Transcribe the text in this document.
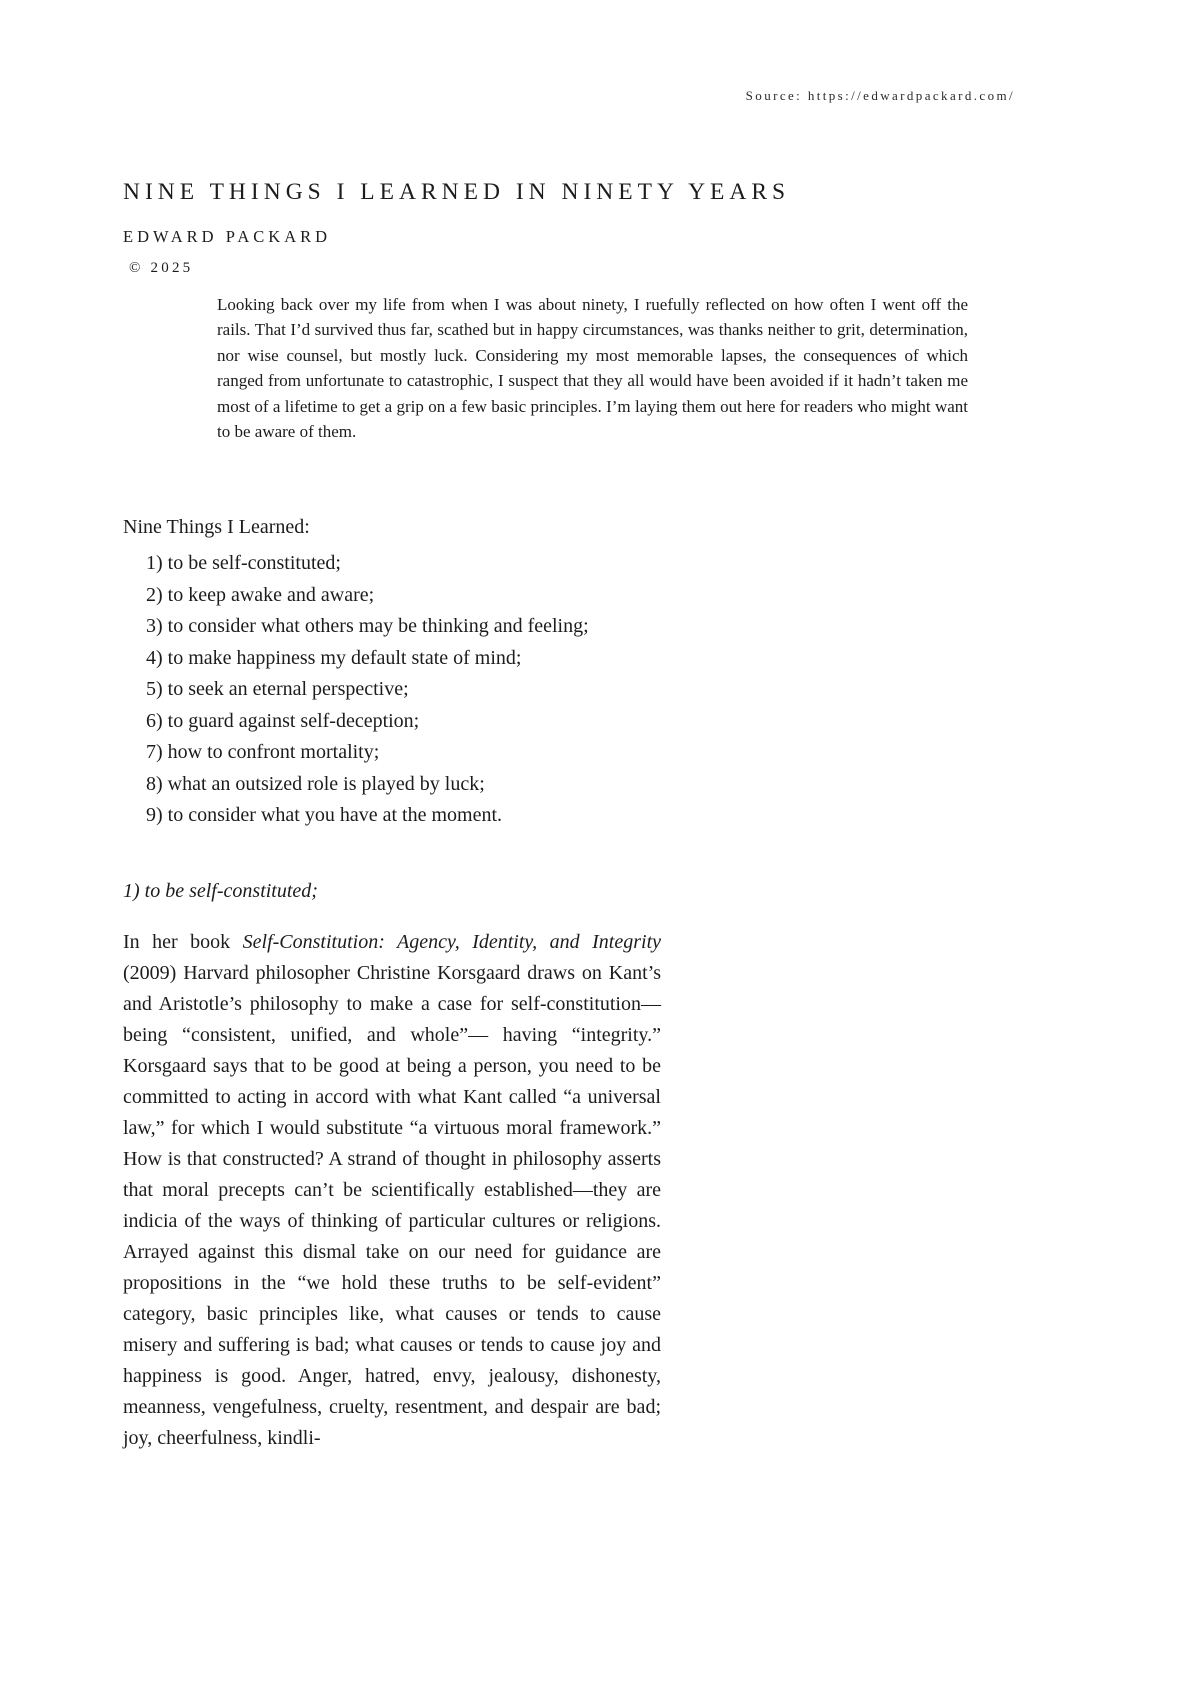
Source: https://edwardpackard.com/
NINE THINGS I LEARNED IN NINETY YEARS
EDWARD PACKARD
© 2025
Looking back over my life from when I was about ninety, I ruefully reflected on how often I went off the rails. That I’d survived thus far, scathed but in happy circumstances, was thanks neither to grit, determination, nor wise counsel, but mostly luck. Considering my most memorable lapses, the consequences of which ranged from unfortunate to catastrophic, I suspect that they all would have been avoided if it hadn’t taken me most of a lifetime to get a grip on a few basic principles. I’m laying them out here for readers who might want to be aware of them.
Nine Things I Learned:
1) to be self-constituted;
2) to keep awake and aware;
3) to consider what others may be thinking and feeling;
4) to make happiness my default state of mind;
5) to seek an eternal perspective;
6) to guard against self-deception;
7) how to confront mortality;
8) what an outsized role is played by luck;
9) to consider what you have at the moment.
1) to be self-constituted;
In her book Self-Constitution: Agency, Identity, and Integrity (2009) Harvard philosopher Christine Korsgaard draws on Kant’s and Aristotle’s philosophy to make a case for self-constitution—being “consistent, unified, and whole”— having “integrity.” Korsgaard says that to be good at being a person, you need to be committed to acting in accord with what Kant called “a universal law,” for which I would substitute “a virtuous moral framework.” How is that constructed? A strand of thought in philosophy asserts that moral precepts can’t be scientifically established—they are indicia of the ways of thinking of particular cultures or religions. Arrayed against this dismal take on our need for guidance are propositions in the “we hold these truths to be self-evident” category, basic principles like, what causes or tends to cause misery and suffering is bad; what causes or tends to cause joy and happiness is good. Anger, hatred, envy, jealousy, dishonesty, meanness, vengefulness, cruelty, resentment, and despair are bad; joy, cheerfulness, kindli-
